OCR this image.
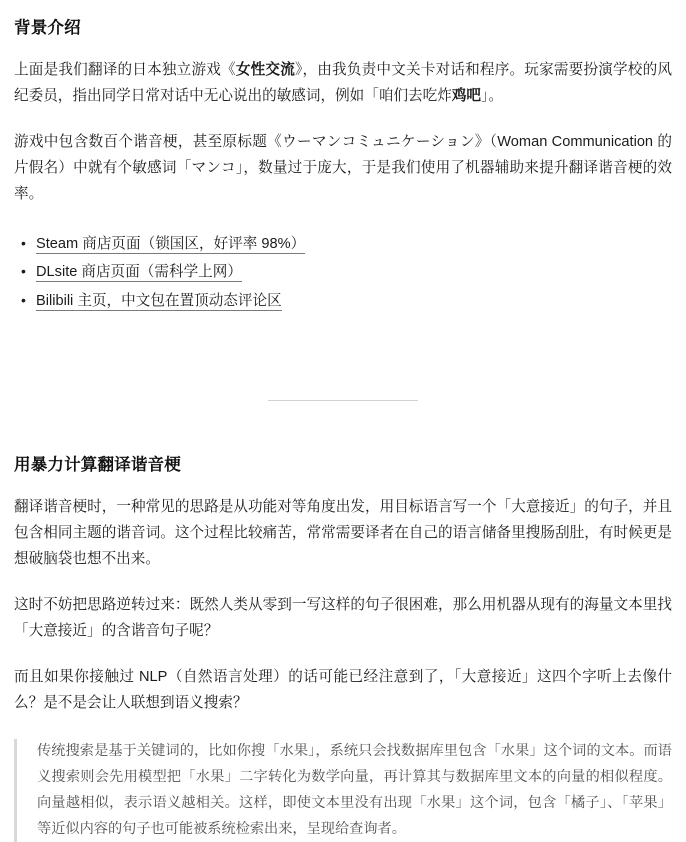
背景介绍

上面是我们翻译的日本独立游戏《女性交流》，由我负责中文关卡对话和程序。玩家需要扮演学校的风纪委员，指出同学日常对话中无心说出的敏感词，例如「咱们去吃炸鸡吧」。

游戏中包含数百个谐音梗，甚至原标题《ウーマンコミュニケーション》（Woman Communication 的片假名）中就有个敏感词「マンコ」，数量过于庞大，于是我们使用了机器辅助来提升翻译谐音梗的效率。

• Steam 商店页面（锁国区，好评率 98%）
• DLsite 商店页面（需科学上网）
• Bilibili 主页，中文包在置顶动态评论区
用暴力计算翻译谐音梗

翻译谐音梗时，一种常见的思路是从功能对等角度出发，用目标语言写一个「大意接近」的句子，并且包含相同主题的谐音词。这个过程比较痛苦，常常需要译者在自己的语言储备里搜肠刮肚，有时候更是想破脑袋也想不出来。

这时不妨把思路逆转过来：既然人类从零到一写这样的句子很困难，那么用机器从现有的海量文本里找「大意接近」的含谐音句子呢？

而且如果你接触过 NLP（自然语言处理）的话可能已经注意到了，「大意接近」这四个字听上去像什么？是不是会让人联想到语义搜索？

传统搜索是基于关键词的，比如你搜「水果」，系统只会找数据库里包含「水果」这个词的文本。而语义搜索则会先用模型把「水果」二字转化为数学向量，再计算其与数据库里文本的向量的相似程度。向量越相似，表示语义越相关。这样，即使文本里没有出现「水果」这个词，包含「橘子」、「苹果」等近似内容的句子也可能被系统检索出来，呈现给查询者。
